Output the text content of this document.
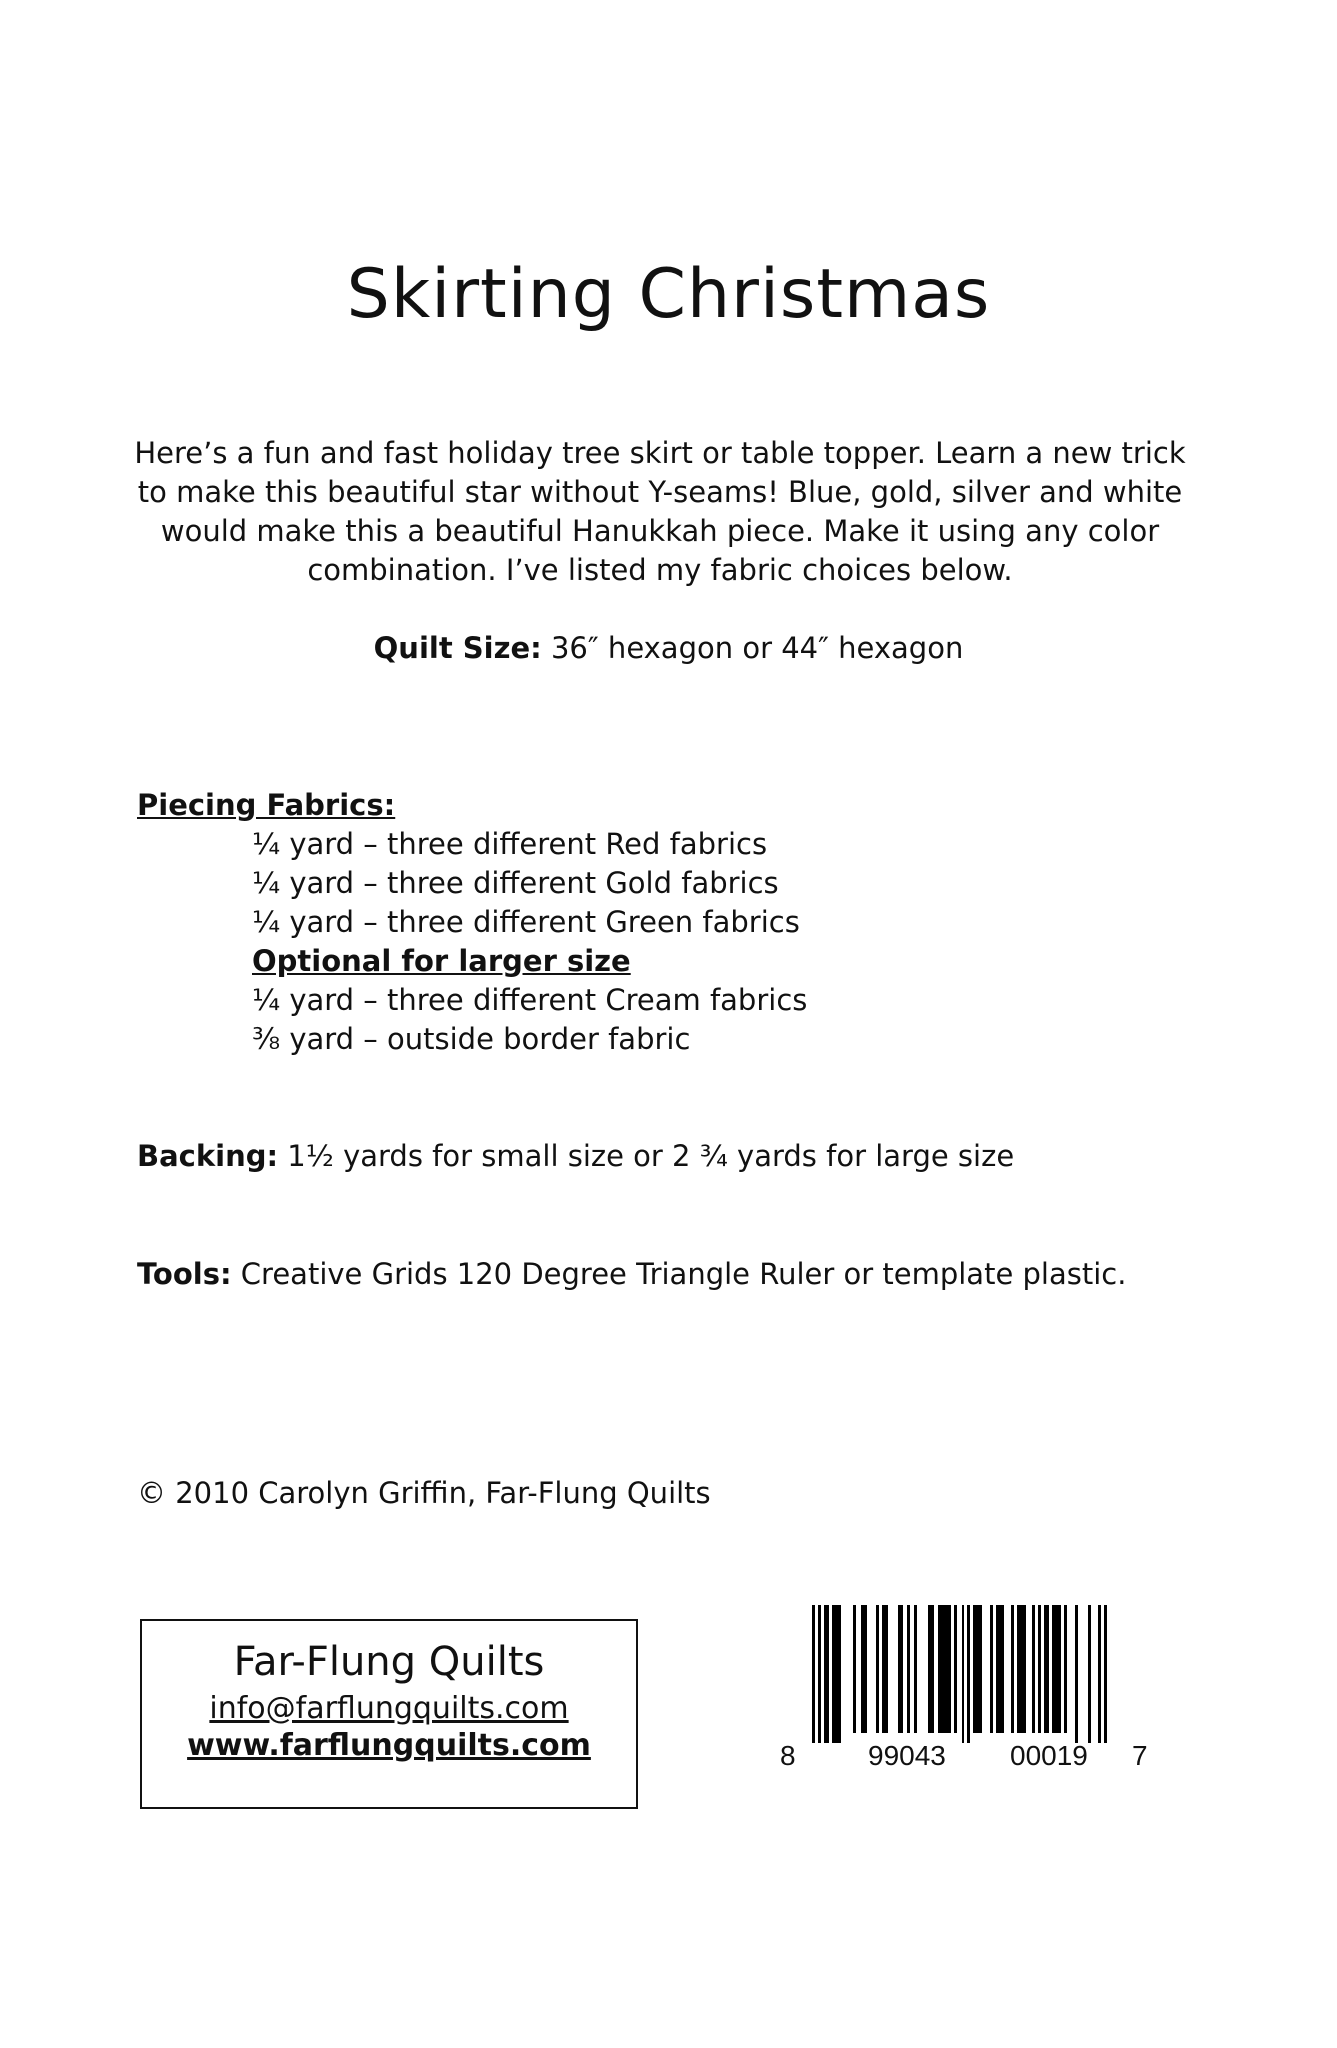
Skirting Christmas
Here’s a fun and fast holiday tree skirt or table topper. Learn a new trick
to make this beautiful star without Y-seams! Blue, gold, silver and white
would make this a beautiful Hanukkah piece. Make it using any color
combination. I’ve listed my fabric choices below.
Quilt Size: 36″ hexagon or 44″ hexagon
Piecing Fabrics:
¼ yard – three different Red fabrics
¼ yard – three different Gold fabrics
¼ yard – three different Green fabrics
Optional for larger size
¼ yard – three different Cream fabrics
⅜ yard – outside border fabric
Backing: 1½ yards for small size or 2 ¾ yards for large size
Tools: Creative Grids 120 Degree Triangle Ruler or template plastic.
© 2010 Carolyn Griffin, Far-Flung Quilts
Far-Flung Quilts
info@farflungquilts.com
www.farflungquilts.com	8	99043 00019 7
